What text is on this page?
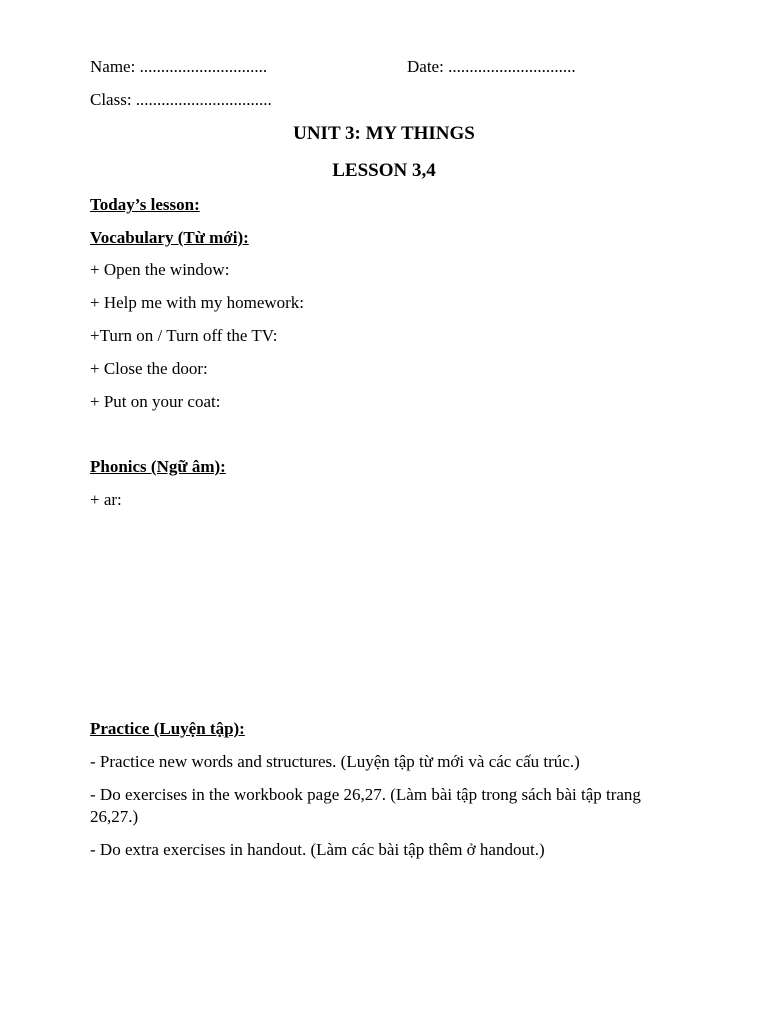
Name: ..............................	Date: ..............................
Class: ................................
UNIT 3: MY THINGS
LESSON 3,4
Today’s lesson:
Vocabulary (Từ mới):
+ Open the window:
+ Help me with my homework:
+Turn on / Turn off the TV:
+ Close the door:
+ Put on your coat:
Phonics (Ngữ âm):
+ ar:
Practice (Luyện tập):
- Practice new words and structures. (Luyện tập từ mới và các cấu trúc.)
- Do exercises in the workbook page 26,27. (Làm bài tập trong sách bài tập trang 26,27.)
- Do extra exercises in handout. (Làm các bài tập thêm ở handout.)
